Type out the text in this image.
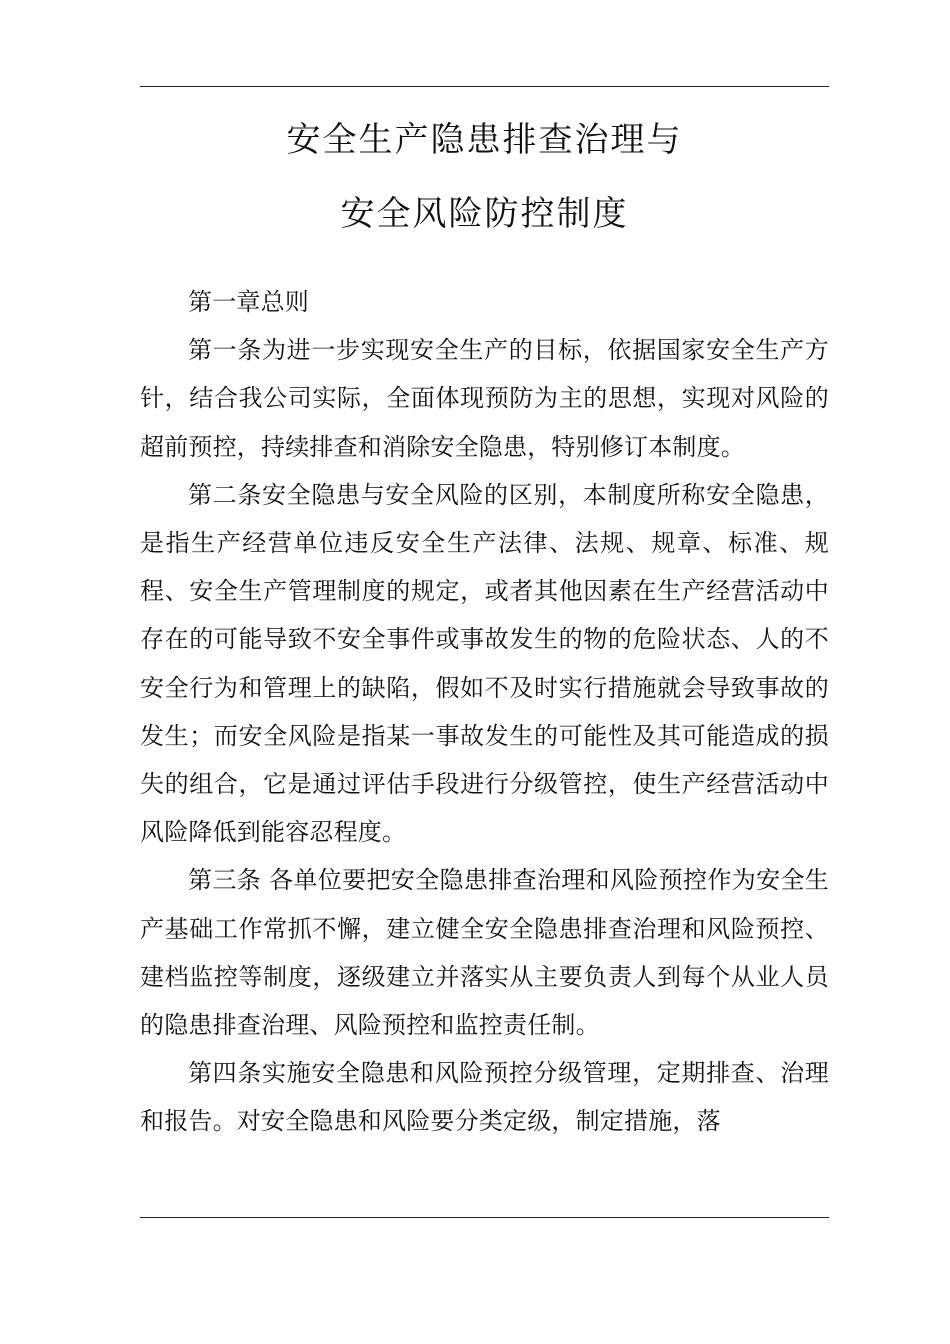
安全生产隐患排查治理与
安全风险防控制度

第一章总则

第一条为进一步实现安全生产的目标，依据国家安全生产方针，结合我公司实际，全面体现预防为主的思想，实现对风险的超前预控，持续排查和消除安全隐患，特别修订本制度。

第二条安全隐患与安全风险的区别，本制度所称安全隐患，是指生产经营单位违反安全生产法律、法规、规章、标准、规程、安全生产管理制度的规定，或者其他因素在生产经营活动中存在的可能导致不安全事件或事故发生的物的危险状态、人的不安全行为和管理上的缺陷，假如不及时实行措施就会导致事故的发生；而安全风险是指某一事故发生的可能性及其可能造成的损失的组合，它是通过评估手段进行分级管控，使生产经营活动中风险降低到能容忍程度。

第三条 各单位要把安全隐患排查治理和风险预控作为安全生产基础工作常抓不懈，建立健全安全隐患排查治理和风险预控、建档监控等制度，逐级建立并落实从主要负责人到每个从业人员的隐患排查治理、风险预控和监控责任制。

第四条实施安全隐患和风险预控分级管理，定期排查、治理和报告。对安全隐患和风险要分类定级，制定措施，落
